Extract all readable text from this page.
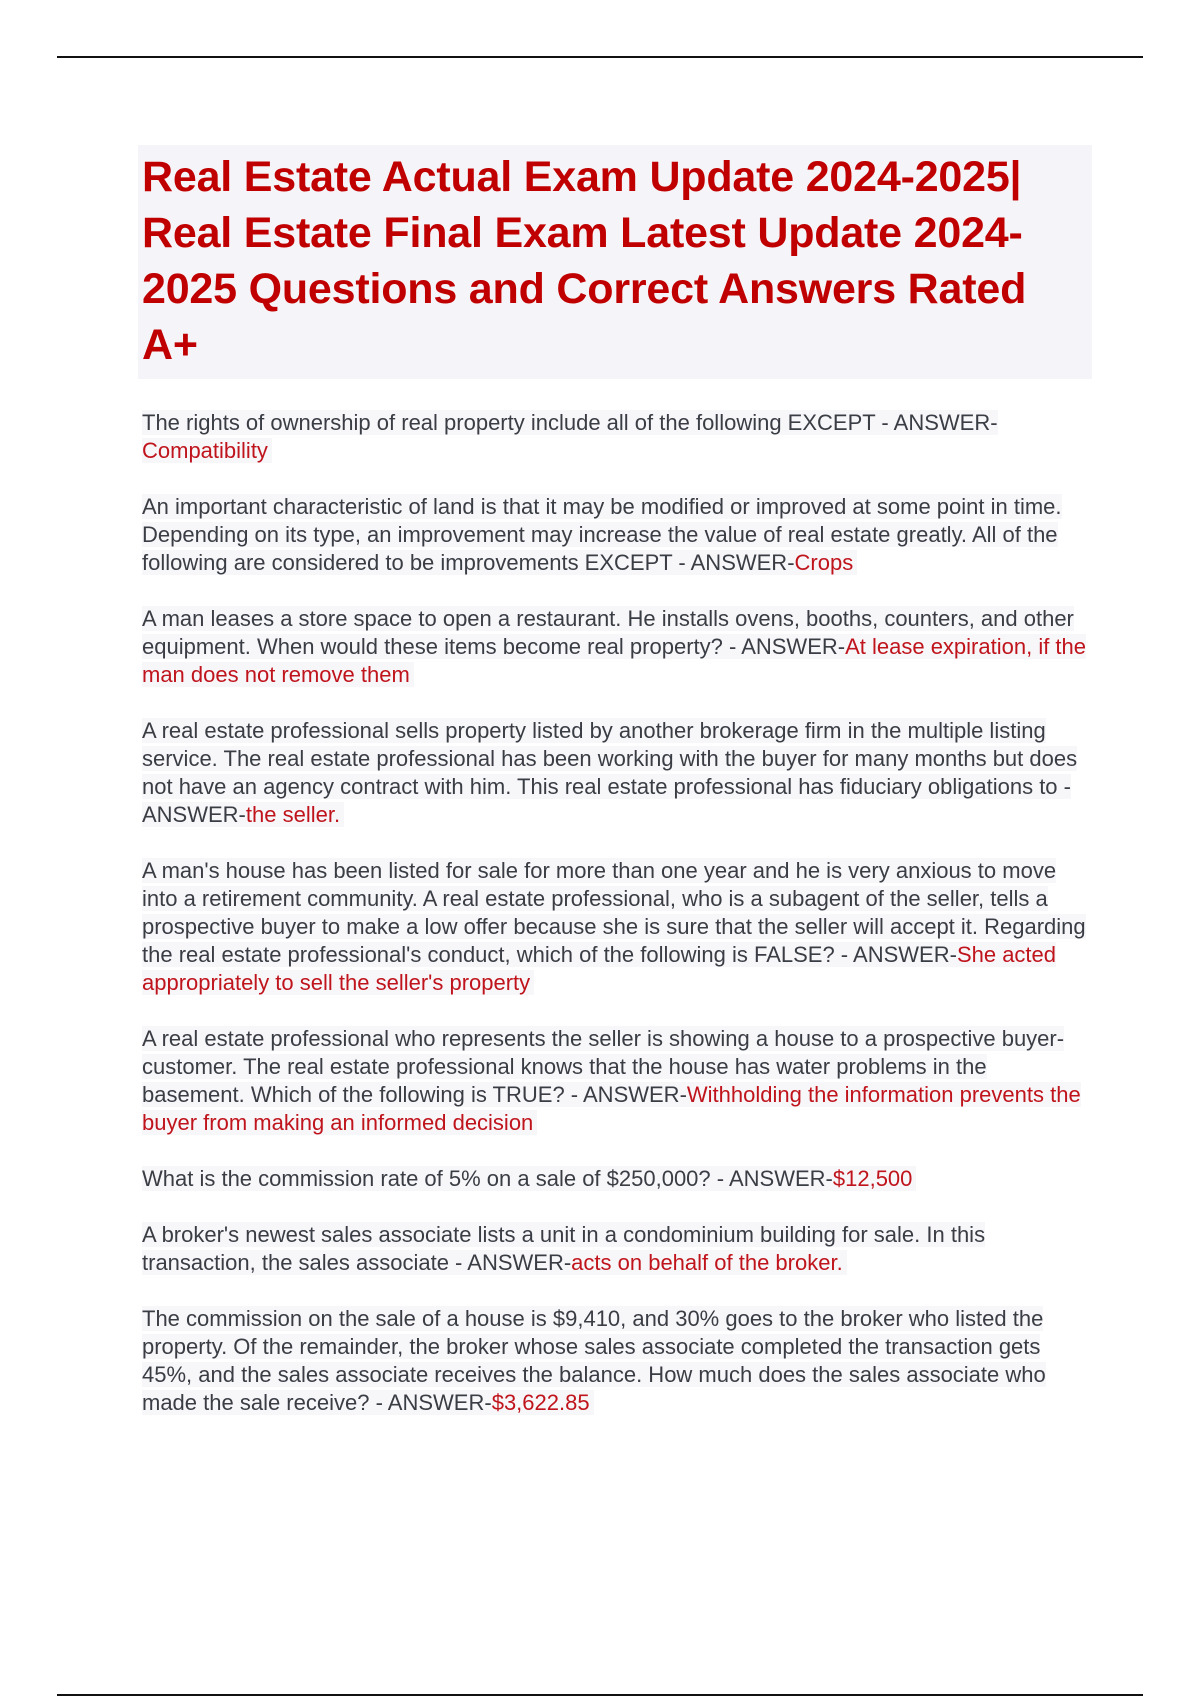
Real Estate Actual Exam Update 2024-2025| Real Estate Final Exam Latest Update 2024-2025 Questions and Correct Answers Rated A+
The rights of ownership of real property include all of the following EXCEPT - ANSWER-Compatibility
An important characteristic of land is that it may be modified or improved at some point in time. Depending on its type, an improvement may increase the value of real estate greatly. All of the following are considered to be improvements EXCEPT - ANSWER-Crops
A man leases a store space to open a restaurant. He installs ovens, booths, counters, and other equipment. When would these items become real property? - ANSWER-At lease expiration, if the man does not remove them
A real estate professional sells property listed by another brokerage firm in the multiple listing service. The real estate professional has been working with the buyer for many months but does not have an agency contract with him. This real estate professional has fiduciary obligations to - ANSWER-the seller.
A man's house has been listed for sale for more than one year and he is very anxious to move into a retirement community. A real estate professional, who is a subagent of the seller, tells a prospective buyer to make a low offer because she is sure that the seller will accept it. Regarding the real estate professional's conduct, which of the following is FALSE? - ANSWER-She acted appropriately to sell the seller's property
A real estate professional who represents the seller is showing a house to a prospective buyer-customer. The real estate professional knows that the house has water problems in the basement. Which of the following is TRUE? - ANSWER-Withholding the information prevents the buyer from making an informed decision
What is the commission rate of 5% on a sale of $250,000? - ANSWER-$12,500
A broker's newest sales associate lists a unit in a condominium building for sale. In this transaction, the sales associate - ANSWER-acts on behalf of the broker.
The commission on the sale of a house is $9,410, and 30% goes to the broker who listed the property. Of the remainder, the broker whose sales associate completed the transaction gets 45%, and the sales associate receives the balance. How much does the sales associate who made the sale receive? - ANSWER-$3,622.85
